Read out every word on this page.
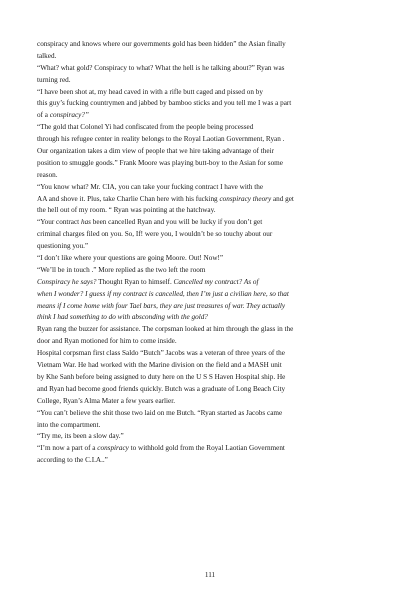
conspiracy and knows where our governments gold has been hidden” the Asian finally
talked.
“What? what gold? Conspiracy to what? What the hell is he talking about?” Ryan was
turning red.
“I have been shot at, my head caved in with a rifle butt caged and pissed on by
this guy’s fucking countrymen and jabbed by bamboo sticks and you tell me I was a part
of a conspiracy?”
“The gold that Colonel Yi had confiscated from the people being processed
through his refugee center in reality belongs to the Royal Laotian Government, Ryan .
Our organization takes a dim view of people that we hire taking advantage of their
position to smuggle goods.” Frank Moore was playing butt-boy to the Asian for some
reason.
“You know what? Mr. CIA, you can take your fucking contract I have with the
AA and shove it. Plus, take Charlie Chan here with his fucking conspiracy theory and get
the hell out of my room. “ Ryan was pointing at the hatchway.
“Your contract has been cancelled Ryan and you will be lucky if you don’t get
criminal charges filed on you. So, If! were you, I wouldn’t be so touchy about our
questioning you.”
“I don’t like where your questions are going Moore. Out! Now!”
“We’ll be in touch .” More replied as the two left the room
Conspiracy he says? Thought Ryan to himself. Cancelled my contract? As of
when I wonder? I guess if my contract is cancelled, then I’m just a civilian here, so that
means if I come home with four Tael bars, they are just treasures of war. They actually
think I had something to do with absconding with the gold?
Ryan rang the buzzer for assistance. The corpsman looked at him through the glass in the
door and Ryan motioned for him to come inside.
Hospital corpsman first class Saldo “Butch” Jacobs was a veteran of three years of the
Vietnam War. He had worked with the Marine division on the field and a MASH unit
by Khe Sanh before being assigned to duty here on the U S S Haven Hospital ship. He
and Ryan had become good friends quickly. Butch was a graduate of Long Beach City
College, Ryan’s Alma Mater a few years earlier.
“You can’t believe the shit those two laid on me Butch. “Ryan started as Jacobs came
into the compartment.
“Try me, its been a slow day.”
“I’m now a part of a conspiracy to withhold gold from the Royal Laotian Government
according to the C.I.A..”
111
